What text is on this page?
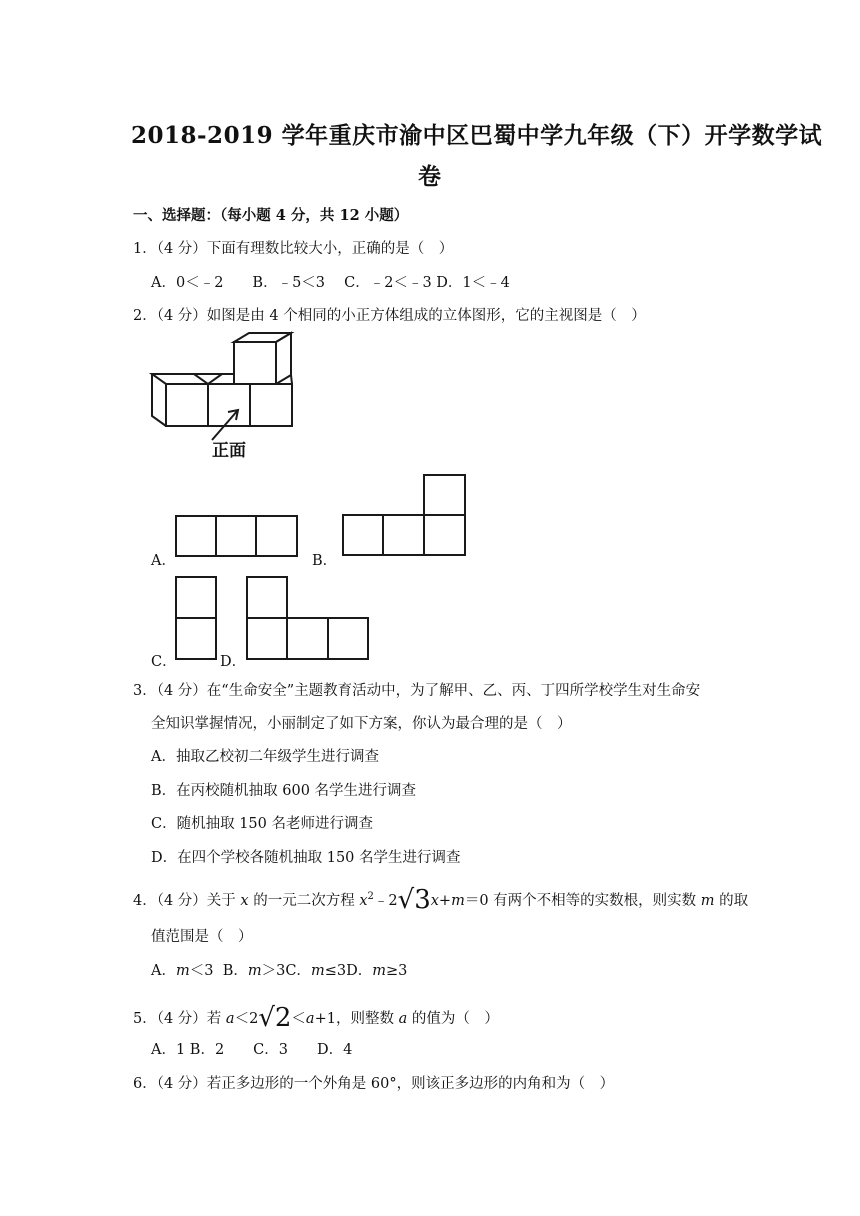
2018-2019 学年重庆市渝中区巴蜀中学九年级（下）开学数学试
卷
一、选择题：（每小题 4 分，共 12 小题）
1．（4 分）下面有理数比较大小，正确的是（　）
A．0＜﹣2　　B．﹣5＜3　 C．﹣2＜﹣3 D．1＜﹣4
2．（4 分）如图是由 4 个相同的小正方体组成的立体图形，它的主视图是（　）
正面
A．	B．
C．	D．
3．（4 分）在“生命安全”主题教育活动中，为了解甲、乙、丙、丁四所学校学生对生命安
全知识掌握情况，小丽制定了如下方案，你认为最合理的是（　）
A．抽取乙校初二年级学生进行调查
B．在丙校随机抽取 600 名学生进行调查
C．随机抽取 150 名老师进行调查
D．在四个学校各随机抽取 150 名学生进行调查
4．（4 分）关于 x 的一元二次方程 $x^2﹣2√3x+m=0$ 有两个不相等的实数根，则实数 m 的取
值范围是（　）
A．m＜3 B．m＞3C．m≤3D．m≥3
5．（4 分）若 a＜2√2＜a+1，则整数 a 的值为（　）
A．1 B．2　　C．3　　D．4
6．（4 分）若正多边形的一个外角是 60°，则该正多边形的内角和为（　）
